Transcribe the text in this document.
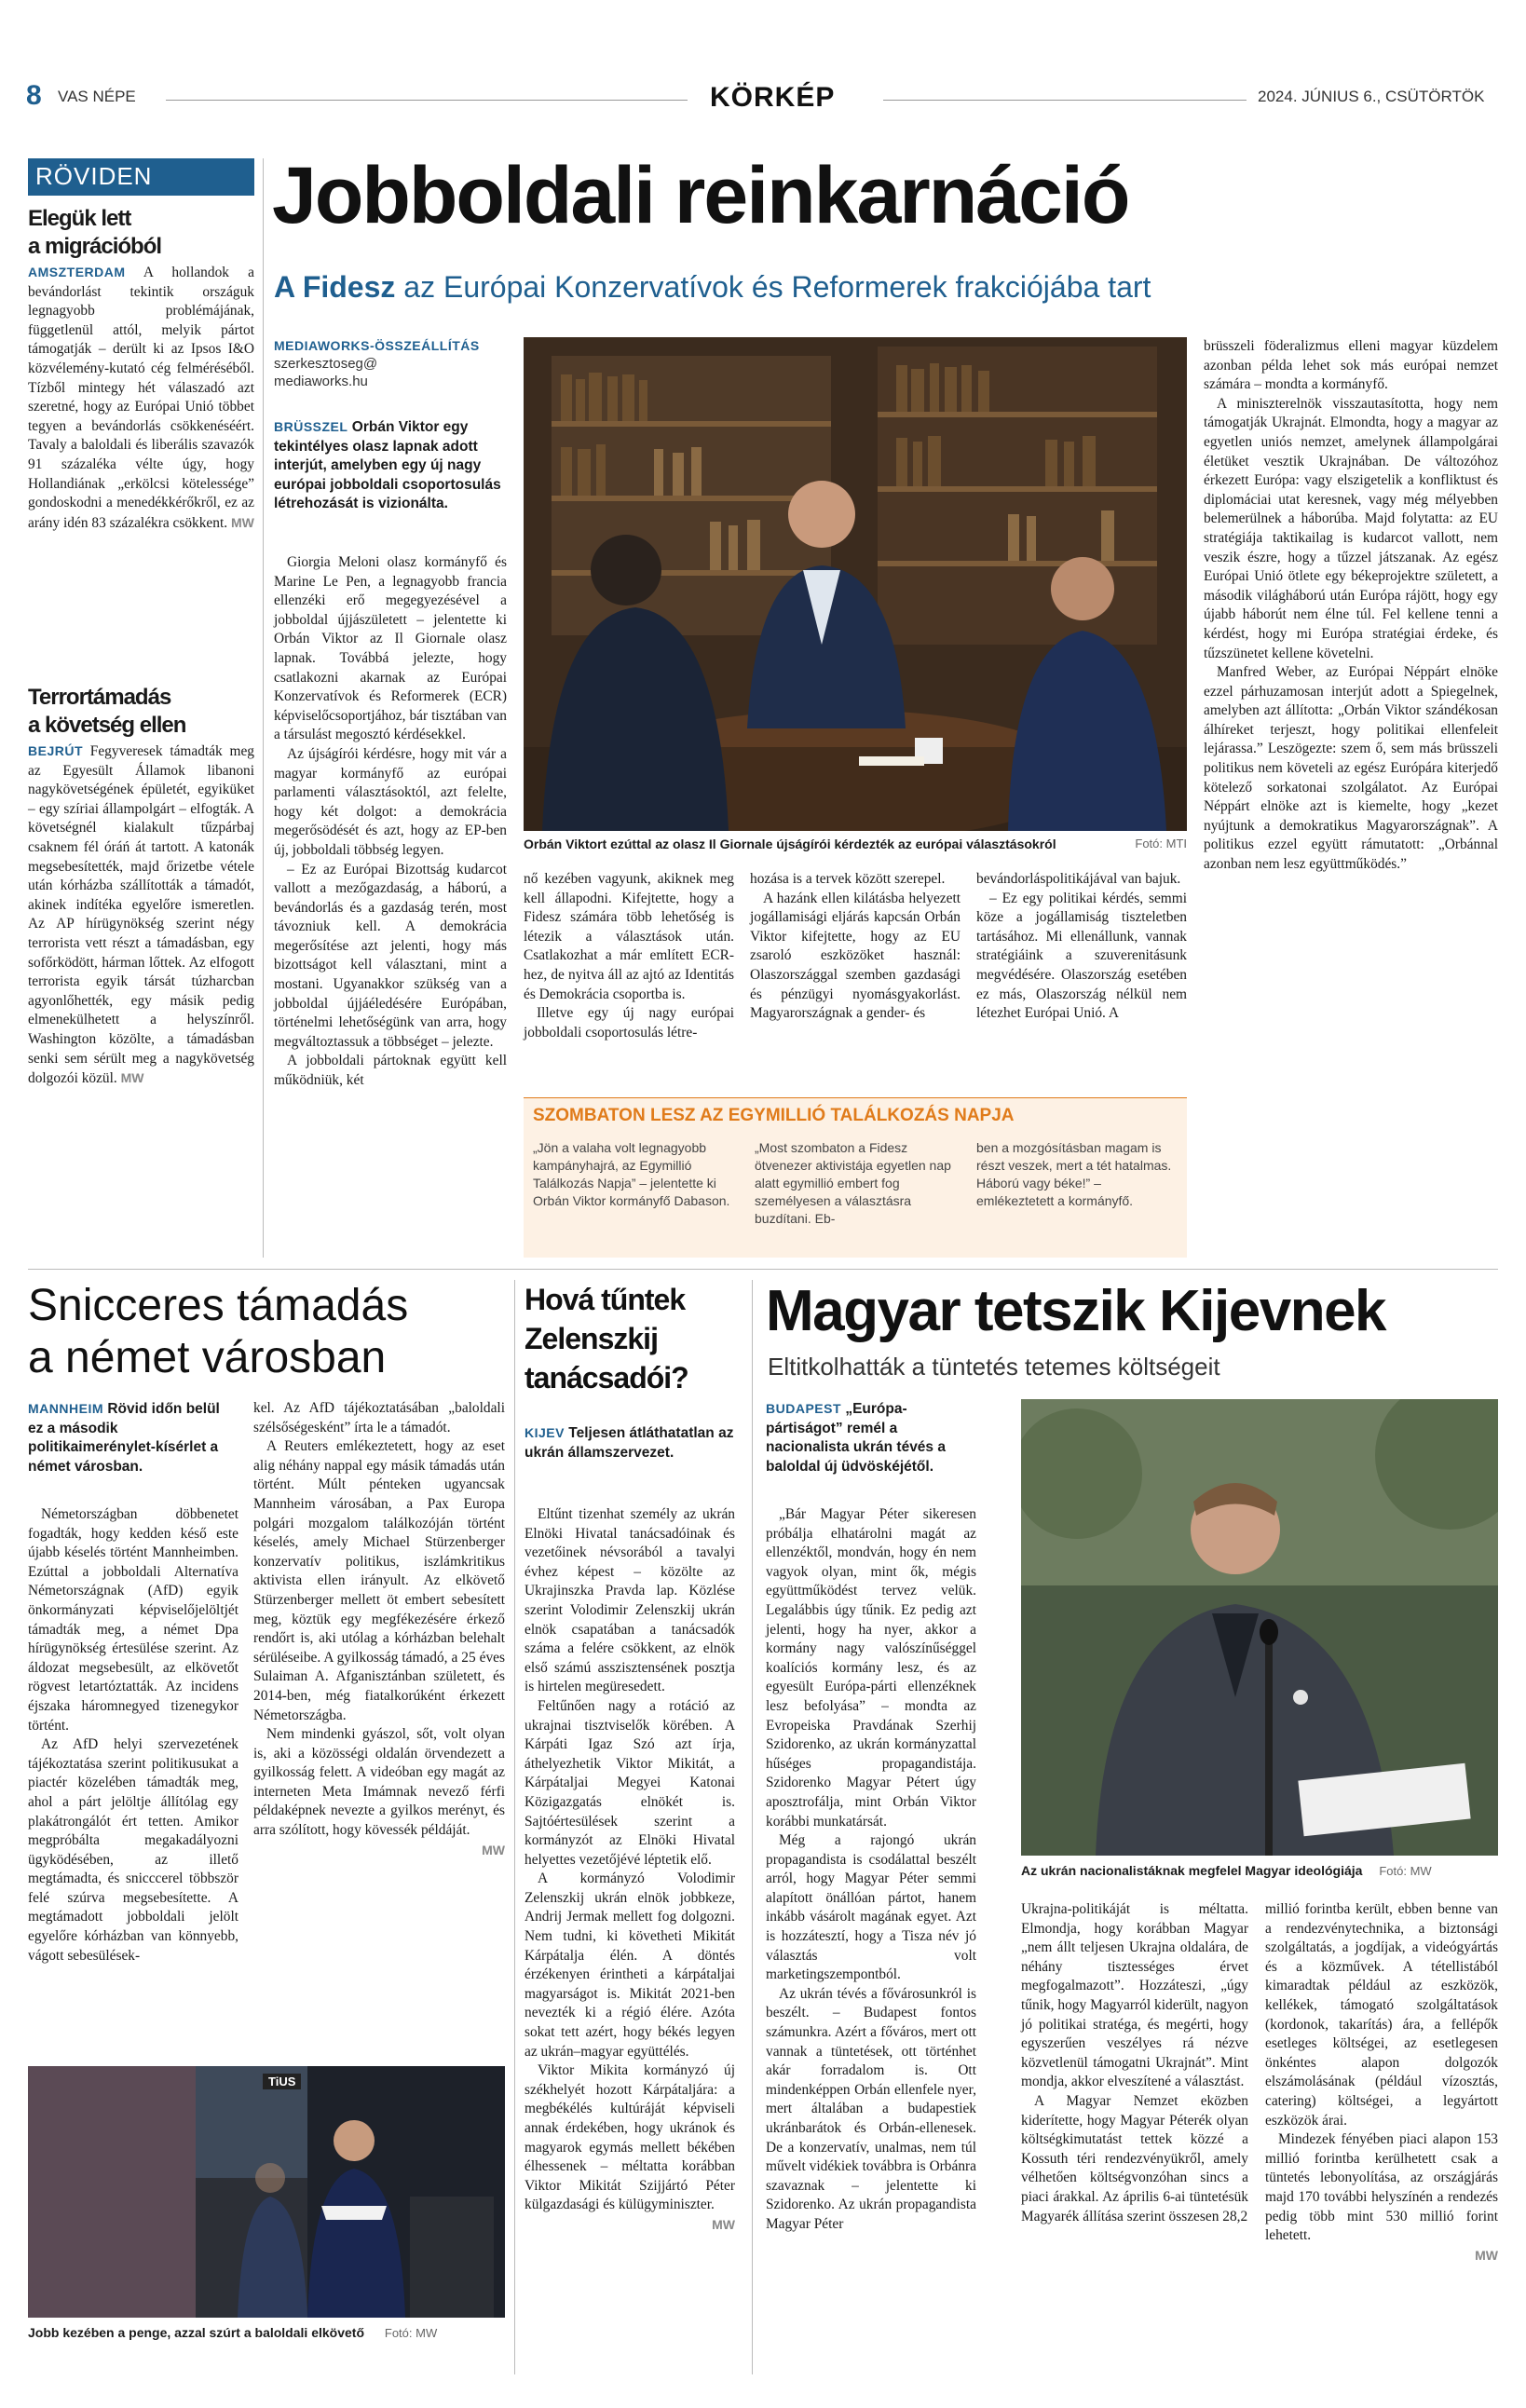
8 VAS NÉPE	KÖRKÉP	2024. JÚNIUS 6., CSÜTÖRTÖK
RÖVIDEN
Elegük lett
a migrációból
AMSZTERDAM A hollandok a bevándorlást tekintik országuk legnagyobb problémájának, függetlenül attól, melyik pártot támogatják – derült ki az Ipsos I&O közvélemény-kutató cég felméréséből. Tízből mintegy hét válaszadó azt szeretné, hogy az Európai Unió többet tegyen a bevándorlás csökkenéséért. Tavaly a baloldali és liberális szavazók 91 százaléka vélte úgy, hogy Hollandiának „erkölcsi kötelessége” gondoskodni a menedékkérőkről, ez az arány idén 83 százalékra csökkent. MW
Terrortámadás
a követség ellen
BEJRÚT Fegyveresek támadták meg az Egyesült Államok libanoni nagykövetségének épületét, egyiküket – egy szíriai állampolgárt – elfogták. A követségnél kialakult tűzpárbaj csaknem fél óráń át tartott. A katonák megsebesítették, majd őrizetbe vétele után kórházba szállították a támadót, akinek indítéka egyelőre ismeretlen. Az AP hírügynökség szerint négy terrorista vett részt a támadásban, egy sofőrködött, hárman lőttek. Az elfogott terrorista egyik társát túzharcban agyonlőhették, egy másik pedig elmenekülhetett a helyszínről. Washington közölte, a támadásban senki sem sérült meg a nagykövetség dolgozói közül. MW
Jobboldali reinkarnáció
A Fidesz az Európai Konzervatívok és Reformerek frakciójába tart
MEDIAWORKS-ÖSSZEÁLLÍTÁS
szerkesztoseg@
mediaworks.hu
BRÜSSZEL Orbán Viktor egy tekintélyes olasz lapnak adott interjút, amelyben egy új nagy európai jobboldali csoportosulás létrehozását is vizionálta.

Giorgia Meloni olasz kormányfő és Marine Le Pen, a legnagyobb francia ellenzéki erő megegyezésével a jobboldal újjászületett – jelentette ki Orbán Viktor az Il Giornale olasz lapnak. Továbbá jelezte, hogy csatlakozni akarnak az Európai Konzervatívok és Reformerek (ECR) képviselőcsoportjához, bár tisztában van a társulást megosztó kérdésekkel.

Az újságírói kérdésre, hogy mit vár a magyar kormányfő az európai parlamenti választásoktól, azt felelte, hogy két dolgot: a demokrácia megerősödését és azt, hogy az EP-ben új, jobboldali többség legyen.

– Ez az Európai Bizottság kudarcot vallott a mezőgazdaság, a háború, a bevándorlás és a gazdaság terén, most távozniuk kell. A demokrácia megerősítése azt jelenti, hogy más bizottságot kell választani, mint a mostani. Ugyanakkor szükség van a jobboldal újjáéledésére Európában, történelmi lehetőségünk van arra, hogy megváltoztassuk a többséget – jelezte.

A jobboldali pártoknak együtt kell működniük, két

Orbán Viktort ezúttal az olasz Il Giornale újságírói kérdezték az európai választásokról	Fotó: MTI

nő kezében vagyunk, akiknek meg kell állapodni. Kifejtette, hogy a Fidesz számára több lehetőség is létezik a választások után. Csatlakozhat a már említett ECR-hez, de nyitva áll az ajtó az Identitás és Demokrácia csoportba is.

Illetve egy új nagy európai jobboldali csoportosulás létre-

hozása is a tervek között szerepel.

A hazánk ellen kilátásba helyezett jogállamisági eljárás kapcsán Orbán Viktor kifejtette, hogy az EU zsaroló eszközöket használ: Olaszországgal szemben gazdasági és pénzügyi nyomásgyakorlást. Magyarországnak a gender- és

bevándorláspolitikájával van bajuk.

– Ez egy politikai kérdés, semmi köze a jogállamiság tiszteletben tartásához. Mi ellenállunk, vannak stratégiáink a szuverenitásunk megvédésére. Olaszország esetében ez más, Olaszország nélkül nem létezhet Európai Unió. A

brüsszeli föderalizmus elleni magyar küzdelem azonban példa lehet sok más európai nemzet számára – mondta a kormányfő.

A miniszterelnök visszautasította, hogy nem támogatják Ukrajnát. Elmondta, hogy a magyar az egyetlen uniós nemzet, amelynek állampolgárai életüket vesztik Ukrajnában. De változóhoz érkezett Európa: vagy elszigetelik a konfliktust és diplomáciai utat keresnek, vagy még mélyebben belemerülnek a háborúba. Majd folytatta: az EU stratégiája taktikailag is kudarcot vallott, nem veszik észre, hogy a tűzzel játszanak. Az egész Európai Unió ötlete egy békeprojektre született, a második világháború után Európa rájött, hogy egy újabb háborút nem élne túl. Fel kellene tenni a kérdést, hogy mi Európa stratégiai érdeke, és tűzszünetet kellene követelni.

Manfred Weber, az Európai Néppárt elnöke ezzel párhuzamosan interjút adott a Spiegelnek, amelyben azt állította: „Orbán Viktor szándékosan álhíreket terjeszt, hogy politikai ellenfeleit lejárassa.” Leszögezte: szem ő, sem más brüsszeli politikus nem követeli az egész Európára kiterjedő kötelező sorkatonai szolgálatot. Az Európai Néppárt elnöke azt is kiemelte, hogy „kezet nyújtunk a demokratikus Magyarországnak”. A politikus ezzel együtt rámutatott: „Orbánnal azonban nem lesz együttműködés.”

SZOMBATON LESZ AZ EGYMILLIÓ TALÁLKOZÁS NAPJA
„Jön a valaha volt legnagyobb kampányhajrá, az Egymillió Találkozás Napja” – jelentette ki Orbán Viktor kormányfő Dabason.
„Most szombaton a Fidesz ötvenezer aktivistája egyetlen nap alatt egymillió embert fog személyesen a választásra buzdítani. Eb-
ben a mozgósításban magam is részt veszek, mert a tét hatalmas. Háború vagy béke!” – emlékeztetett a kormányfő.
Snicceres támadás
a német városban
MANNHEIM Rövid időn belül ez a második politikaimerénylet-kísérlet a német városban.

Németországban döbbenetet fogadták, hogy kedden késő este újabb késelés történt Mannheimben. Ezúttal a jobboldali Alternatíva Németországnak (AfD) egyik önkormányzati képviselőjelöltjét támadták meg, a német Dpa hírügynökség értesülése szerint. Az áldozat megsebesült, az elkövetőt rögvest letartóztatták. Az incidens éjszaka háromnegyed tizenegykor történt.

Az AfD helyi szervezetének tájékoztatása szerint politikusukat a piactér közelében támadták meg, ahol a párt jelöltje állítólag egy plakátrongálót ért tetten. Amikor megpróbálta megakadályozni ügyködésében, az illető megtámadta, és snicccerel többször felé szúrva megsebesítette. A megtámadott jobboldali jelölt egyelőre kórházban van könnyebb, vágott sebesülések-

kel. Az AfD tájékoztatásában „baloldali szélsőségesként” írta le a támadót.

A Reuters emlékeztetett, hogy az eset alig néhány nappal egy másik támadás után történt. Múlt pénteken ugyancsak Mannheim városában, a Pax Europa polgári mozgalom találkozóján történt késelés, amely Michael Stürzenberger konzervatív politikus, iszlámkritikus aktivista ellen irányult. Az elkövető Stürzenberger mellett öt embert sebesített meg, köztük egy megfékezésére érkező rendőrt is, aki utólag a kórházban belehalt sérüléseibe. A gyilkosság támadó, a 25 éves Sulaiman A. Afganisztánban született, és 2014-ben, még fiatalkorúként érkezett Németországba.

Nem mindenki gyászol, sőt, volt olyan is, aki a közösségi oldalán örvendezett a gyilkosság felett. A videóban egy magát az interneten Meta Imámnak nevező férfi példaképnek nevezte a gyilkos merényt, és arra szólított, hogy kövessék példáját.

MW
TiUS
Jobb kezében a penge, azzal szúrt a baloldali elkövető Fotó: MW
Hová tűntek
Zelenszkij
tanácsadói?
KIJEV Teljesen átláthatatlan az ukrán államszervezet.

Eltűnt tizenhat személy az ukrán Elnöki Hivatal tanácsadóinak és vezetőinek névsorából a tavalyi évhez képest – közölte az Ukrajinszka Pravda lap. Közlése szerint Volodimir Zelenszkij ukrán elnök csapatában a tanácsadók száma a felére csökkent, az elnök első számú asszisztensének posztja is hirtelen megüresedett.

Feltűnően nagy a rotáció az ukrajnai tisztviselők körében. A Kárpáti Igaz Szó azt írja, áthelyezhetik Viktor Mikitát, a Kárpátaljai Megyei Katonai Közigazgatás elnökét is. Sajtóértesülések szerint a kormányzót az Elnöki Hivatal helyettes vezetőjévé léptetik elő.

A kormányzó Volodimir Zelenszkij ukrán elnök jobbkeze, Andrij Jermak mellett fog dolgozni. Nem tudni, ki követheti Mikitát Kárpátalja élén. A döntés érzékenyen érintheti a kárpátaljai magyarságot is. Mikitát 2021-ben nevezték ki a régió élére. Azóta sokat tett azért, hogy békés legyen az ukrán–magyar együttélés.

Viktor Mikita kormányzó új székhelyét hozott Kárpátaljára: a megbékélés kultúráját képviseli annak érdekében, hogy ukránok és magyarok egymás mellett békében élhessenek – méltatta korábban Viktor Mikitát Szijjártó Péter külgazdasági és külügyminiszter.

MW
Magyar tetszik Kijevnek
Eltitkolhatták a tüntetés tetemes költségeit
BUDAPEST „Európa-pártiságot” remél a nacionalista ukrán tévés a baloldal új üdvöskéjétől.

„Bár Magyar Péter sikeresen próbálja elhatárolni magát az ellenzéktől, mondván, hogy én nem vagyok olyan, mint ők, mégis együttműködést tervez velük. Legalábbis úgy tűnik. Ez pedig azt jelenti, hogy ha nyer, akkor a kormány nagy valószínűséggel koalíciós kormány lesz, és az egyesült Európa-párti ellenzéknek lesz befolyása” – mondta az Evropeiska Pravdának Szerhij Szidorenko, az ukrán kormányzattal hűséges propagandistája. Szidorenko Magyar Pétert úgy aposztrofálja, mint Orbán Viktor korábbi munkatársát.

Még a rajongó ukrán propagandista is csodálattal beszélt arról, hogy Magyar Péter semmi alapított önállóan pártot, hanem inkább vásárolt magának egyet. Azt is hozzátesztí, hogy a Tisza név jó választás volt marketingszempontból.

Az ukrán tévés a fővárosunkról is beszélt. – Budapest fontos számunkra. Azért a főváros, mert ott vannak a tüntetések, ott történhet akár forradalom is. Ott mindenképpen Orbán ellenfele nyer, mert általában a budapestiek ukránbarátok és Orbán-ellenesek. De a konzervatív, unalmas, nem túl művelt vidékiek továbbra is Orbánra szavaznak – jelentette ki Szidorenko. Az ukrán propagandista Magyar Péter

Az ukrán nacionalistáknak megfelel Magyar ideológiája Fotó: MW

Ukrajna-politikáját is méltatta. Elmondja, hogy korábban Magyar „nem állt teljesen Ukrajna oldalára, de néhány tisztességes érvet megfogalmazott”. Hozzáteszi, „úgy tűnik, hogy Magyarról kiderült, nagyon jó politikai stratéga, és megérti, hogy egyszerűen veszélyes rá nézve közvetlenül támogatni Ukrajnát”. Mint mondja, akkor elveszítené a választást.

A Magyar Nemzet eközben kiderítette, hogy Magyar Péterék olyan költségkimutatást tettek közzé a Kossuth téri rendezvényükről, amely vélhetően költségvonzóhan sincs a piaci árakkal. Az április 6-ai tüntetésük Magyarék állítása szerint összesen 28,2

millió forintba került, ebben benne van a rendezvénytechnika, a biztonsági szolgáltatás, a jogdíjak, a videógyártás és a közművek. A tétellistából kimaradtak például az eszközök, kellékek, támogató szolgáltatások (kordonok, takarítás) ára, a fellépők esetleges költségei, az esetlegesen önkéntes alapon dolgozók elszámolásának (például vízosztás, catering) költségei, a legyártott eszközök árai.

Mindezek fényében piaci alapon 153 millió forintba kerülhetett csak a tüntetés lebonyolítása, az országjárás majd 170 további helyszínén a rendezés pedig több mint 530 millió forint lehetett.

MW
